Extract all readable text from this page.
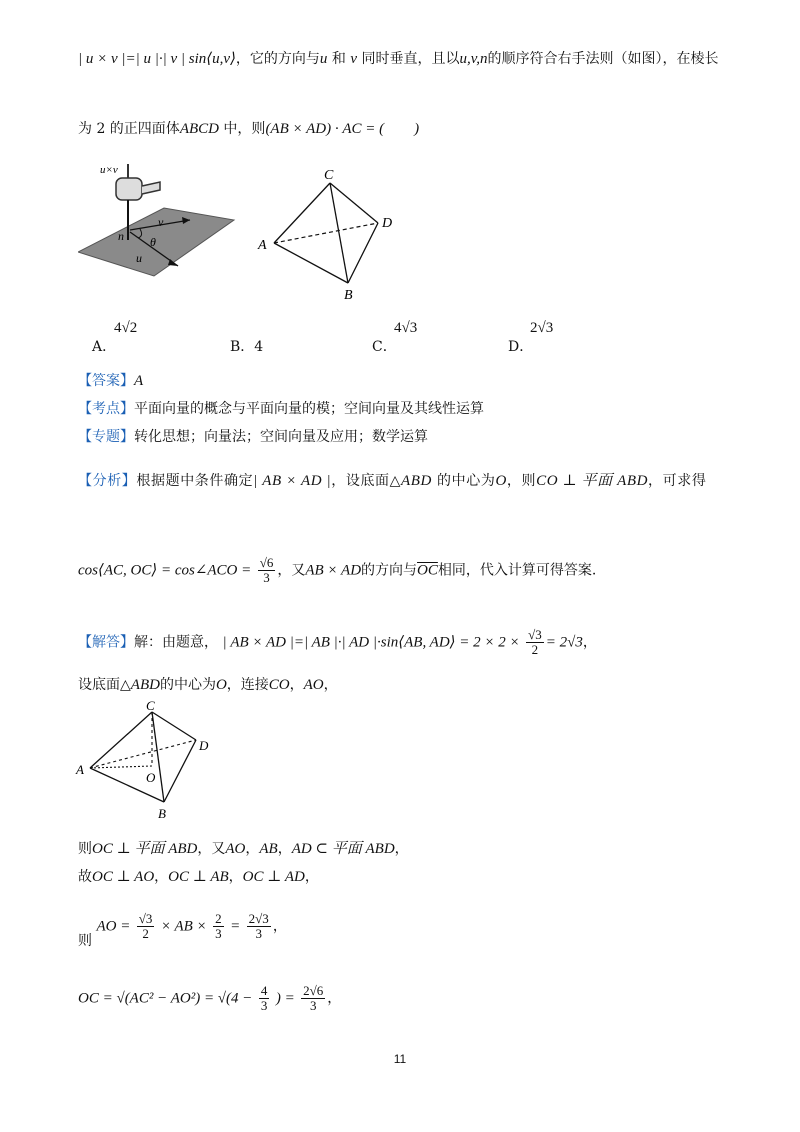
| u × v |=| u |·| v | sin⟨u,v⟩，它的方向与u 和 v 同时垂直，且以u,v,n的顺序符合右手法则（如图），在棱长
为 2 的正四面体ABCD 中，则(AB × AD) · AC = (　　)
u×v
v
n θ
u
C
D
A
B
A．
4√2
B．4	C．
4√3
D．
2√3
【答案】A
【考点】平面向量的概念与平面向量的模；空间向量及其线性运算
【专题】转化思想；向量法；空间向量及应用；数学运算
【分析】根据题中条件确定| AB × AD |，设底面△ABD 的中心为O，则CO ⊥ 平面 ABD，可求得
cos⟨AC, OC⟩ = cos∠ACO = $\frac{√6}{3}$ ，又AB × AD的方向与$\overline{OC}$相同，代入计算可得答案.
【解答】解：由题意， | AB × AD |=| AB |·| AD |·sin⟨AB, AD⟩ = $2 \times 2 \times \frac{√3}{2} = 2√3$，
设底面△ABD的中心为O，连接CO，AO，
C
D
A
O
B
则OC ⊥ 平面 ABD，又AO，AB，AD ⊂ 平面 ABD，
故OC ⊥ AO，OC ⊥ AB，OC ⊥ AD，
则 AO = $\frac{√3}{2}$ × AB × $\frac{2}{3} = \frac{2√3}{3}$ ，
OC = $√(AC^2 - AO^2) = √(4 - \frac{4}{3}$ ) = $\frac{2√6}{3}$ ，
11
